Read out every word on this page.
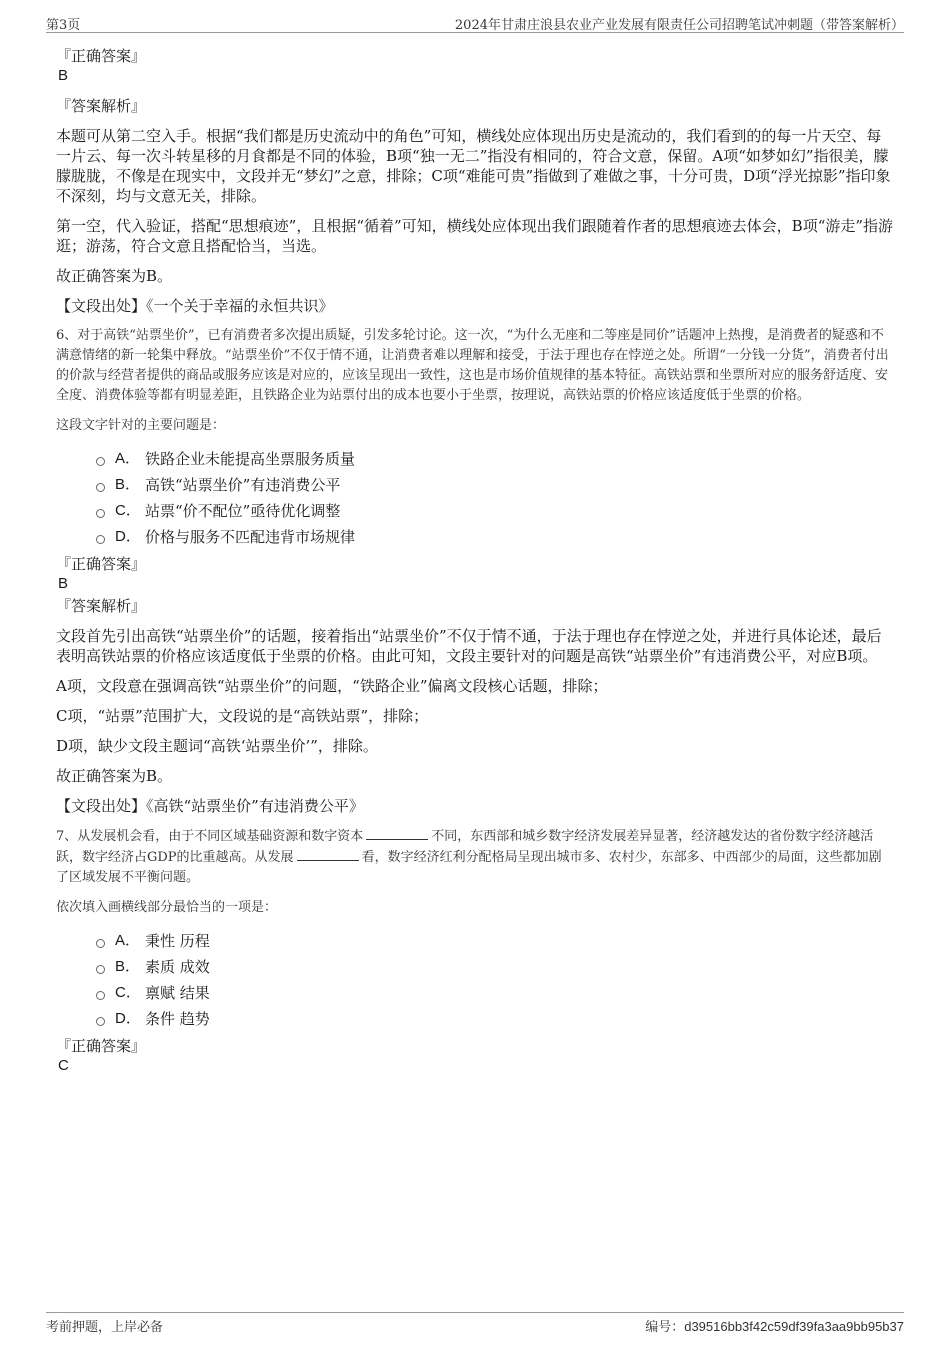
第3页	2024年甘肃庄浪县农业产业发展有限责任公司招聘笔试冲刺题（带答案解析）

『正确答案』

B

『答案解析』

本题可从第二空入手。根据“我们都是历史流动中的角色”可知，横线处应体现出历史是流动的，我们看到的的每一片天空、每一片云、每一次斗转星移的月食都是不同的体验，B项“独一无二”指没有相同的，符合文意，保留。A项“如梦如幻”指很美，朦朦胧胧，不像是在现实中，文段并无“梦幻”之意，排除；C项“难能可贵”指做到了难做之事，十分可贵，D项“浮光掠影”指印象不深刻，均与文意无关，排除。

第一空，代入验证，搭配“思想痕迹”，且根据“循着”可知，横线处应体现出我们跟随着作者的思想痕迹去体会，B项“游走”指游逛；游荡，符合文意且搭配恰当，当选。

故正确答案为B。

【文段出处】《一个关于幸福的永恒共识》

6、对于高铁“站票坐价”，已有消费者多次提出质疑，引发多轮讨论。这一次，“为什么无座和二等座是同价”话题冲上热搜，是消费者的疑惑和不满意情绪的新一轮集中释放。“站票坐价”不仅于情不通，让消费者难以理解和接受，于法于理也存在悖逆之处。所谓“一分钱一分货”，消费者付出的价款与经营者提供的商品或服务应该是对应的，应该呈现出一致性，这也是市场价值规律的基本特征。高铁站票和坐票所对应的服务舒适度、安全度、消费体验等都有明显差距，且铁路企业为站票付出的成本也要小于坐票，按理说，高铁站票的价格应该适度低于坐票的价格。

这段文字针对的主要问题是：

A． 铁路企业未能提高坐票服务质量
B． 高铁“站票坐价”有违消费公平
C． 站票“价不配位”亟待优化调整
D． 价格与服务不匹配违背市场规律

『正确答案』

B

『答案解析』

文段首先引出高铁“站票坐价”的话题，接着指出“站票坐价”不仅于情不通，于法于理也存在悖逆之处，并进行具体论述，最后表明高铁站票的价格应该适度低于坐票的价格。由此可知，文段主要针对的问题是高铁“站票坐价”有违消费公平，对应B项。

A项，文段意在强调高铁“站票坐价”的问题，“铁路企业”偏离文段核心话题，排除；

C项，“站票”范围扩大，文段说的是“高铁站票”，排除；

D项，缺少文段主题词“高铁‘站票坐价’”，排除。

故正确答案为B。

【文段出处】《高铁“站票坐价”有违消费公平》

7、从发展机会看，由于不同区域基础资源和数字资本	不同，东西部和城乡数字经济发展差异显著，经济越发达的省份数字经济越活跃，数字经济占GDP的比重越高。从发展	看，数字经济红利分配格局呈现出城市多、农村少，东部多、中西部少的局面，这些都加剧了区域发展不平衡问题。

依次填入画横线部分最恰当的一项是：

A． 秉性 历程
B． 素质 成效
C． 禀赋 结果
D． 条件 趋势

『正确答案』

C

考前押题，上岸必备	编号：d39516bb3f42c59df39fa3aa9bb95b37
